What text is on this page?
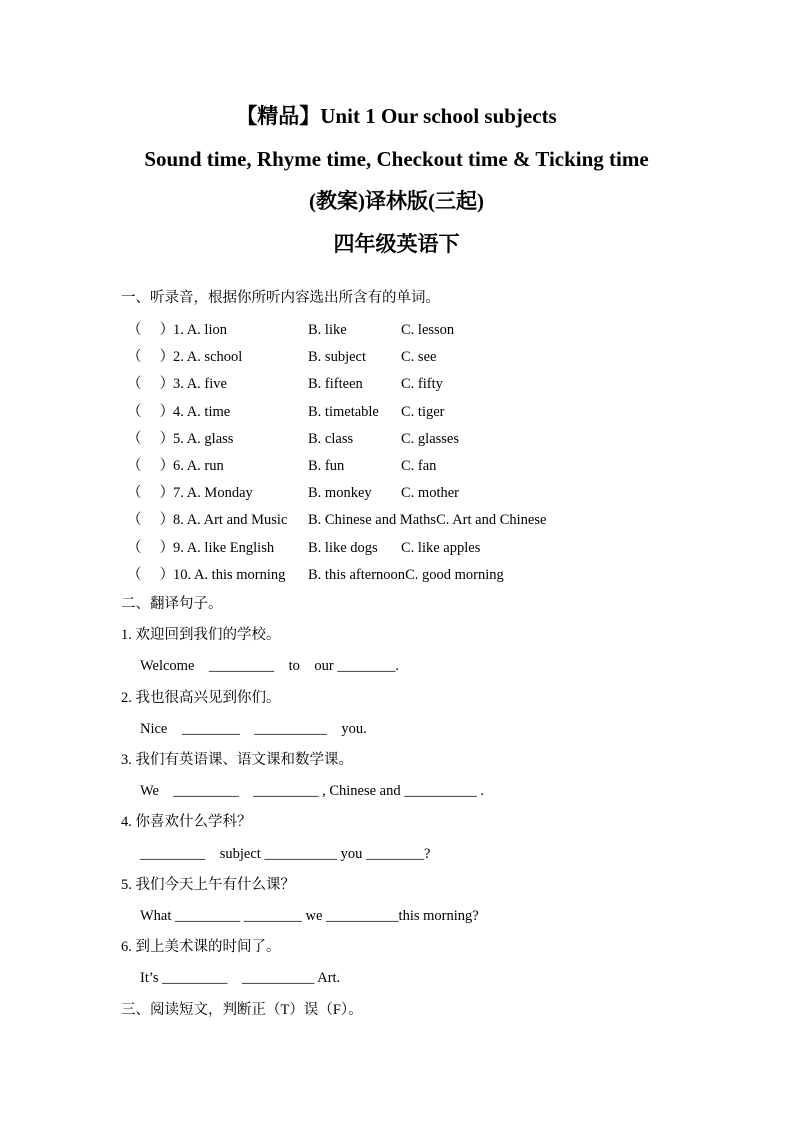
【精品】Unit 1 Our school subjects
Sound time, Rhyme time, Checkout time & Ticking time
(教案)译林版(三起)
四年级英语下
一、听录音，根据你所听内容选出所含有的单词。
（     ）
1. A. lion	B. like	C. lesson
（     ）
2. A. school	B. subject	C. see
（     ）
3. A. five	B. fifteen	C. fifty
（     ）
4. A. time	B. timetable	C. tiger
（     ）
5. A. glass	B. class	C. glasses
（     ）
6. A. run	B. fun	C. fan
（     ）
7. A. Monday	B. monkey	C. mother
（     ）
8. A. Art and Music	B. Chinese and Maths C. Art and Chinese
（     ）
9. A. like English	B. like dogs	C. like apples
（     ）
10. A. this morning	B. this afternoon C. good morning
二、翻译句子。
1. 欢迎回到我们的学校。
Welcome    _________    to    our ________.
2. 我也很高兴见到你们。
Nice    ________    __________    you.
3. 我们有英语课、语文课和数学课。
We    _________    _________ , Chinese and __________ .
4. 你喜欢什么学科？
_________    subject __________ you ________?
5. 我们今天上午有什么课？
What _________ ________ we __________this morning?
6. 到上美术课的时间了。
It’s _________    __________ Art.
三、阅读短文，判断正（T）误（F）。
